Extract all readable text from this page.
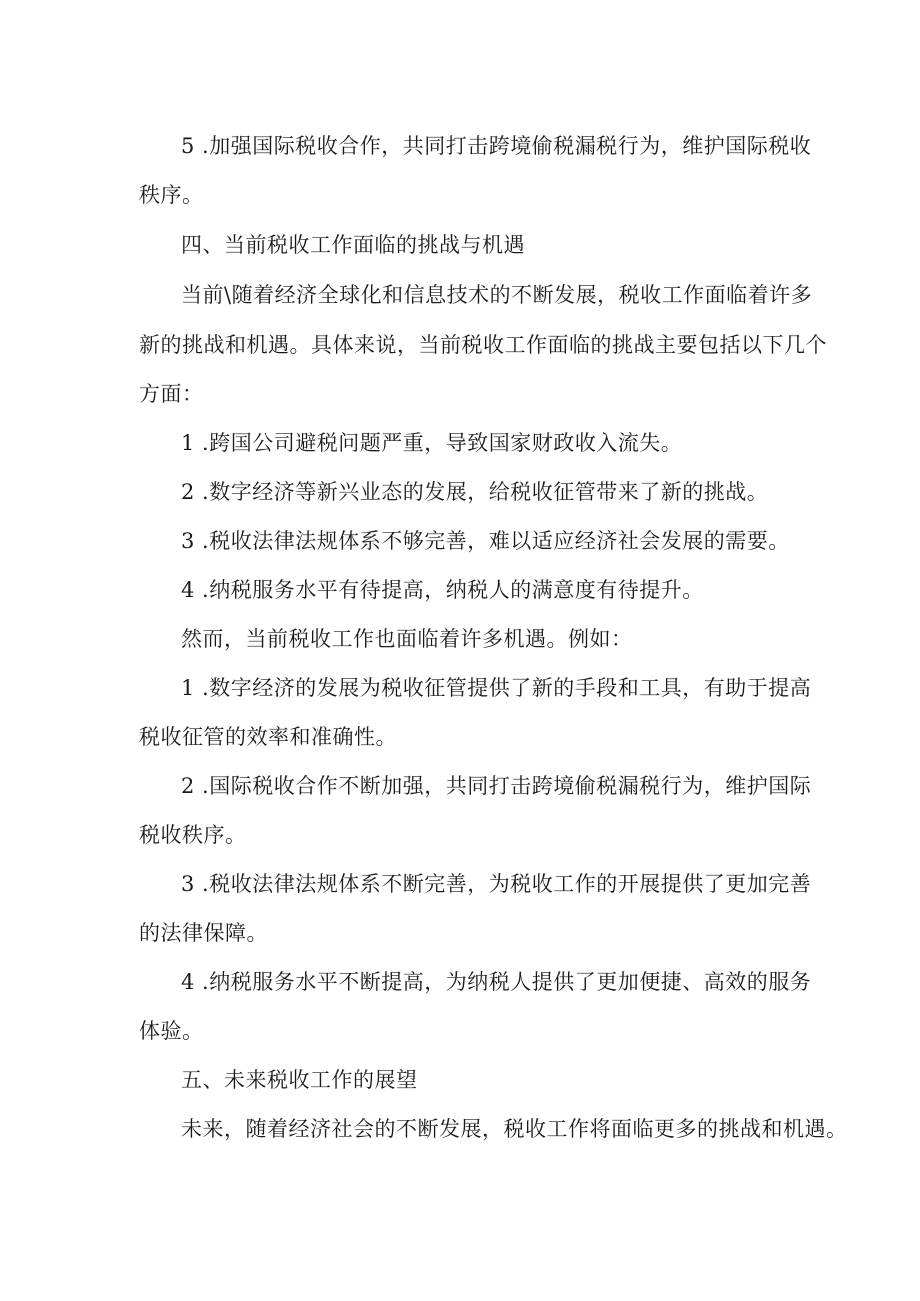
5 .加强国际税收合作，共同打击跨境偷税漏税行为，维护国际税收
秩序。
四、当前税收工作面临的挑战与机遇
当前\随着经济全球化和信息技术的不断发展，税收工作面临着许多
新的挑战和机遇。具体来说，当前税收工作面临的挑战主要包括以下几个
方面：
1 .跨国公司避税问题严重，导致国家财政收入流失。
2 .数字经济等新兴业态的发展，给税收征管带来了新的挑战。
3 .税收法律法规体系不够完善，难以适应经济社会发展的需要。
4 .纳税服务水平有待提高，纳税人的满意度有待提升。
然而，当前税收工作也面临着许多机遇。例如：
1 .数字经济的发展为税收征管提供了新的手段和工具，有助于提高
税收征管的效率和准确性。
2 .国际税收合作不断加强，共同打击跨境偷税漏税行为，维护国际
税收秩序。
3 .税收法律法规体系不断完善，为税收工作的开展提供了更加完善
的法律保障。
4 .纳税服务水平不断提高，为纳税人提供了更加便捷、高效的服务
体验。
五、未来税收工作的展望
未来，随着经济社会的不断发展，税收工作将面临更多的挑战和机遇。
